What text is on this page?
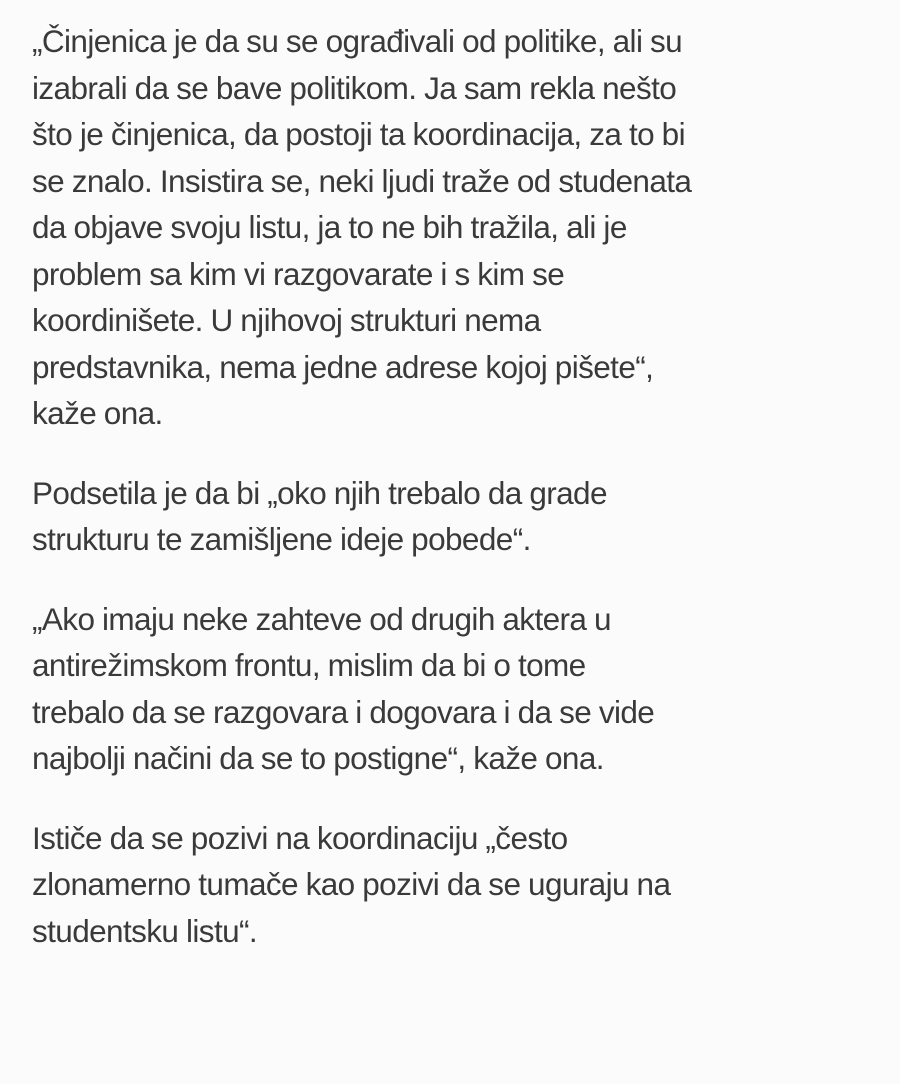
„Činjenica je da su se ograđivali od politike, ali su
izabrali da se bave politikom. Ja sam rekla nešto
što je činjenica, da postoji ta koordinacija, za to bi
se znalo. Insistira se, neki ljudi traže od studenata
da objave svoju listu, ja to ne bih tražila, ali je
problem sa kim vi razgovarate i s kim se
koordinišete. U njihovoj strukturi nema
predstavnika, nema jedne adrese kojoj pišete“,
kaže ona.

Podsetila je da bi „oko njih trebalo da grade
strukturu te zamišljene ideje pobede“.

„Ako imaju neke zahteve od drugih aktera u
antirežimskom frontu, mislim da bi o tome
trebalo da se razgovara i dogovara i da se vide
najbolji načini da se to postigne“, kaže ona.

Ističe da se pozivi na koordinaciju „često
zlonamerno tumače kao pozivi da se uguraju na
studentsku listu“.
